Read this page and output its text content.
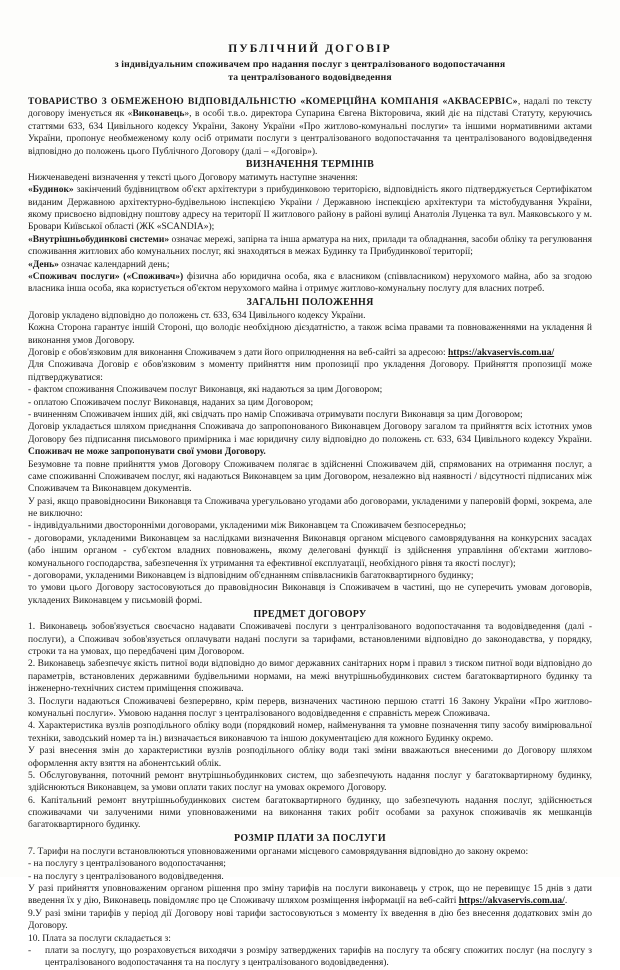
ПУБЛІЧНИЙ ДОГОВІР
з індивідуальним споживачем про надання послуг з централізованого водопостачання
та централізованого водовідведення

ТОВАРИСТВО З ОБМЕЖЕНОЮ ВІДПОВІДАЛЬНІСТЮ «КОМЕРЦІЙНА КОМПАНІЯ «АКВАСЕРВІС», надалі по тексту договору іменується як «Виконавець», в особі т.в.о. директора Супарина Євгена Вікторовича, який діє на підставі Статуту, керуючись статтями 633, 634 Цивільного кодексу України, Закону України «Про житлово-комунальні послуги» та іншими нормативними актами України, пропонує необмеженому колу осіб отримати послуги з централізованого водопостачання та централізованого водовідведення відповідно до положень цього Публічного Договору (далі – «Договір»).

ВИЗНАЧЕННЯ ТЕРМІНІВ

Нижченаведені визначення у тексті цього Договору матимуть наступне значення:

«Будинок» закінчений будівництвом об'єкт архітектури з прибудинковою територією, відповідність якого підтверджується Сертифікатом виданим Державною архітектурно-будівельною інспекцією України / Державною інспекцією архітектури та містобудування України, якому присвоєно відповідну поштову адресу на території ІІ житлового району в районі вулиці Анатолія Луценка та вул. Маяковського у м. Бровари Київської області (ЖК «SCANDIA»);

«Внутрішньобудинкові системи» означає мережі, запірна та інша арматура на них, прилади та обладнання, засоби обліку та регулювання споживання житлових або комунальних послуг, які знаходяться в межах Будинку та Прибудинкової території;

«День» означає календарний день;

«Споживач послуги» («Споживач») фізична або юридична особа, яка є власником (співвласником) нерухомого майна, або за згодою власника інша особа, яка користується об'єктом нерухомого майна і отримує житлово-комунальну послугу для власних потреб.

ЗАГАЛЬНІ ПОЛОЖЕННЯ

Договір укладено відповідно до положень ст. 633, 634 Цивільного кодексу України.

Кожна Сторона гарантує іншій Стороні, що володіє необхідною дієздатністю, а також всіма правами та повноваженнями на укладення й виконання умов Договору.

Договір є обов'язковим для виконання Споживачем з дати його оприлюднення на веб-сайті за адресою: https://akvaservis.com.ua/

Для Споживача Договір є обов'язковим з моменту прийняття ним пропозиції про укладення Договору. Прийняття пропозиції може підтверджуватися:

- фактом споживання Споживачем послуг Виконавця, які надаються за цим Договором;

- оплатою Споживачем послуг Виконавця, наданих за цим Договором;

- вчиненням Споживачем інших дій, які свідчать про намір Споживача отримувати послуги Виконавця за цим Договором;

Договір укладається шляхом приєднання Споживача до запропонованого Виконавцем Договору загалом та прийняття всіх істотних умов Договору без підписання письмового примірника і має юридичну силу відповідно до положень ст. 633, 634 Цивільного кодексу України. Споживач не може запропонувати свої умови Договору.

Безумовне та повне прийняття умов Договору Споживачем полягає в здійсненні Споживачем дій, спрямованих на отримання послуг, а саме споживанні Споживачем послуг, які надаються Виконавцем за цим Договором, незалежно від наявності / відсутності підписаних між Споживачем та Виконавцем документів.

У разі, якщо правовідносини Виконавця та Споживача урегульовано угодами або договорами, укладеними у паперовій формі, зокрема, але не виключно:

- індивідуальними двосторонніми договорами, укладеними між Виконавцем та Споживачем безпосередньо;

- договорами, укладеними Виконавцем за наслідками визначення Виконавця органом місцевого самоврядування на конкурсних засадах (або іншим органом - суб'єктом владних повноважень, якому делеговані функції із здійснення управління об'єктами житлово-комунального господарства, забезпечення їх утримання та ефективної експлуатації, необхідного рівня та якості послуг);

- договорами, укладеними Виконавцем із відповідним об'єднанням співвласників багатоквартирного будинку;

то умови цього Договору застосовуються до правовідносин Виконавця із Споживачем в частині, що не суперечить умовам договорів, укладених Виконавцем у письмовій формі.

ПРЕДМЕТ ДОГОВОРУ

1. Виконавець зобов'язується своєчасно надавати Споживачеві послуги з централізованого водопостачання та водовідведення (далі - послуги), а Споживач зобов'язується оплачувати надані послуги за тарифами, встановленими відповідно до законодавства, у порядку, строки та на умовах, що передбачені цим Договором.

2. Виконавець забезпечує якість питної води відповідно до вимог державних санітарних норм і правил з тиском питної води відповідно до параметрів, встановлених державними будівельними нормами, на межі внутрішньобудинкових систем багатоквартирного будинку та інженерно-технічних систем приміщення споживача.

3. Послуги надаються Споживачеві безперервно, крім перерв, визначених частиною першою статті 16 Закону України «Про житлово-комунальні послуги». Умовою надання послуг з централізованого водовідведення є справність мереж Споживача.

4. Характеристика вузлів розподільного обліку води (порядковий номер, найменування та умовне позначення типу засобу вимірювальної техніки, заводський номер та ін.) визначається виконавчою та іншою документацією для кожного Будинку окремо.

У разі внесення змін до характеристики вузлів розподільного обліку води такі зміни вважаються внесеними до Договору шляхом оформлення акту взяття на абонентський облік.

5. Обслуговування, поточний ремонт внутрішньобудинкових систем, що забезпечують надання послуг у багатоквартирному будинку, здійснюються Виконавцем, за умови оплати таких послуг на умовах окремого Договору.

6. Капітальний ремонт внутрішньобудинкових систем багатоквартирного будинку, що забезпечують надання послуг, здійснюється споживачами чи залученими ними уповноваженими на виконання таких робіт особами за рахунок споживачів як мешканців багатоквартирного будинку.

РОЗМІР ПЛАТИ ЗА ПОСЛУГИ

7. Тарифи на послуги встановлюються уповноваженими органами місцевого самоврядування відповідно до закону окремо:

- на послугу з централізованого водопостачання;

- на послугу з централізованого водовідведення.

У разі прийняття уповноваженим органом рішення про зміну тарифів на послуги виконавець у строк, що не перевищує 15 днів з дати введення їх у дію, Виконавець повідомляє про це Споживачу шляхом розміщення інформації на веб-сайті https://akvaservis.com.ua/.

9.У разі зміни тарифів у період дії Договору нові тарифи застосовуються з моменту їх введення в дію без внесення додаткових змін до Договору.

10. Плата за послуги складається з:

-	плати за послугу, що розраховується виходячи з розміру затверджених тарифів на послугу та обсягу спожитих послуг (на послугу з централізованого водопостачання та на послугу з централізованого водовідведення).
